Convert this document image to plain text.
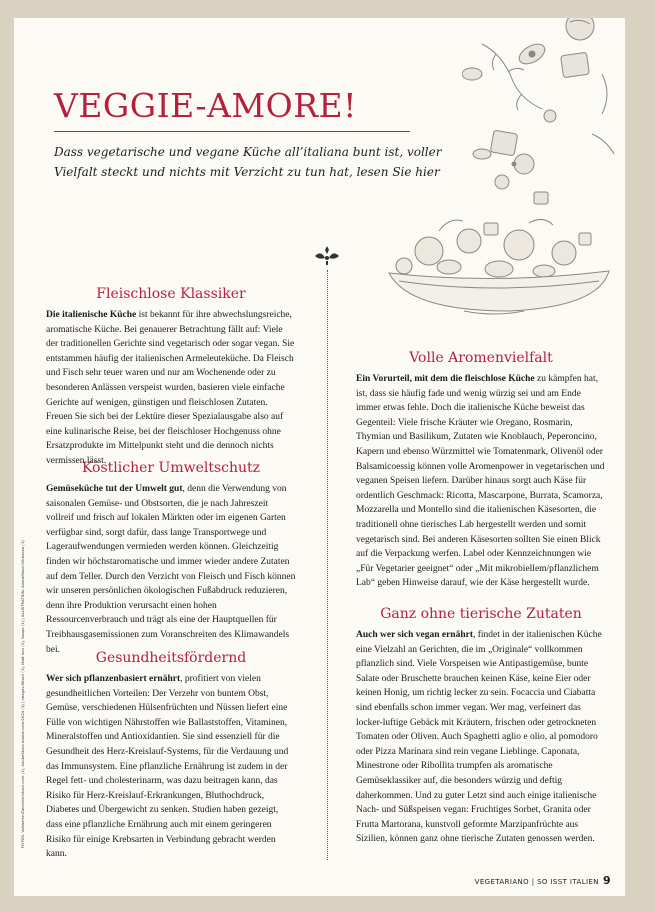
VEGGIE-AMORE!

Dass vegetarische und vegane Küche all’italiana bunt ist, voller Vielfalt steckt und nichts mit Verzicht zu tun hat, lesen Sie hier

FOTOS: Vollwerte/Zabriskie/stock.com (1), AdobeStock.adobe.com/2024 (1) | Images/iStock (1), Matt bon (1), Szapo (1) | ILLUSTRATION: AdobeStock/Vikanova (1)
Fleischlose Klassiker

Die italienische Küche ist bekannt für ihre abwechslungsreiche, aromatische Küche. Bei genauerer Betrachtung fällt auf: Viele der traditionellen Gerichte sind vegetarisch oder sogar vegan. Sie entstammen häufig der italienischen Armeleuteküche. Da Fleisch und Fisch sehr teuer waren und nur am Wochenende oder zu besonderen Anlässen verspeist wurden, basieren viele einfache Gerichte auf wenigen, günstigen und fleischlosen Zutaten. Freuen Sie sich bei der Lektüre dieser Spezialausgabe also auf eine kulinarische Reise, bei der fleischloser Hochgenuss ohne Ersatzprodukte im Mittelpunkt steht und die dennoch nichts vermissen lässt.

Köstlicher Umweltschutz

Gemüseküche tut der Umwelt gut, denn die Verwendung von saisonalen Gemüse- und Obstsorten, die je nach Jahreszeit vollreif und frisch auf lokalen Märkten oder im eigenen Garten verfügbar sind, sorgt dafür, dass lange Transportwege und Lageraufwendungen vermieden werden können. Gleichzeitig finden wir höchstaromatische und immer wieder andere Zutaten auf dem Teller. Durch den Verzicht von Fleisch und Fisch können wir unseren persönlichen ökologischen Fußabdruck reduzieren, denn ihre Produktion verursacht einen hohen Ressourcenverbrauch und trägt als eine der Hauptquellen für Treibhausgasemissionen zum Voranschreiten des Klimawandels bei.

Gesundheitsfördernd

Wer sich pflanzenbasiert ernährt, profitiert von vielen gesundheitlichen Vorteilen: Der Verzehr von buntem Obst, Gemüse, verschiedenen Hülsenfrüchten und Nüssen liefert eine Fülle von wichtigen Nährstoffen wie Ballaststoffen, Vitaminen, Mineralstoffen und Antioxidantien. Sie sind essenziell für die Gesundheit des Herz-Kreislauf-Systems, für die Verdauung und das Immunsystem. Eine pflanzliche Ernährung ist zudem in der Regel fett- und cholesterinarm, was dazu beitragen kann, das Risiko für Herz-Kreislauf-Erkrankungen, Bluthochdruck, Diabetes und Übergewicht zu senken. Studien haben gezeigt, dass eine pflanzliche Ernährung auch mit einem geringeren Risiko für einige Krebsarten in Verbindung gebracht werden kann.

Volle Aromenvielfalt

Ein Vorurteil, mit dem die fleischlose Küche zu kämpfen hat, ist, dass sie häufig fade und wenig würzig sei und am Ende immer etwas fehle. Doch die italienische Küche beweist das Gegenteil: Viele frische Kräuter wie Oregano, Rosmarin, Thymian und Basilikum, Zutaten wie Knoblauch, Peperoncino, Kapern und ebenso Würzmittel wie Tomatenmark, Olivenöl oder Balsamicoessig können volle Aromenpower in vegetarischen und veganen Speisen liefern. Darüber hinaus sorgt auch Käse für ordentlich Geschmack: Ricotta, Mascarpone, Burrata, Scamorza, Mozzarella und Montello sind die italienischen Käsesorten, die traditionell ohne tierisches Lab hergestellt werden und somit vegetarisch sind. Bei anderen Käsesorten sollten Sie einen Blick auf die Verpackung werfen. Label oder Kennzeichnungen wie „Für Vegetarier geeignet“ oder „Mit mikrobiellem/pflanzlichem Lab“ geben Hinweise darauf, wie der Käse hergestellt wurde.

Ganz ohne tierische Zutaten

Auch wer sich vegan ernährt, findet in der italienischen Küche eine Vielzahl an Gerichten, die im „Originale“ vollkommen pflanzlich sind. Viele Vorspeisen wie Antipastigemüse, bunte Salate oder Bruschette brauchen keinen Käse, keine Eier oder keinen Honig, um richtig lecker zu sein. Focaccia und Ciabatta sind ebenfalls schon immer vegan. Wer mag, verfeinert das locker-luftige Gebäck mit Kräutern, frischen oder getrockneten Tomaten oder Oliven. Auch Spaghetti aglio e olio, al pomodoro oder Pizza Marinara sind rein vegane Lieblinge. Caponata, Minestrone oder Ribollita trumpfen als aromatische Gemüseklassiker auf, die besonders würzig und deftig daherkommen. Und zu guter Letzt sind auch einige italienische Nach- und Süßspeisen vegan: Fruchtiges Sorbet, Granita oder Frutta Martorana, kunstvoll geformte Marzipanfrüchte aus Sizilien, können ganz ohne tierische Zutaten genossen werden.

VEGETARIANO | SO ISST ITALIEN 9
